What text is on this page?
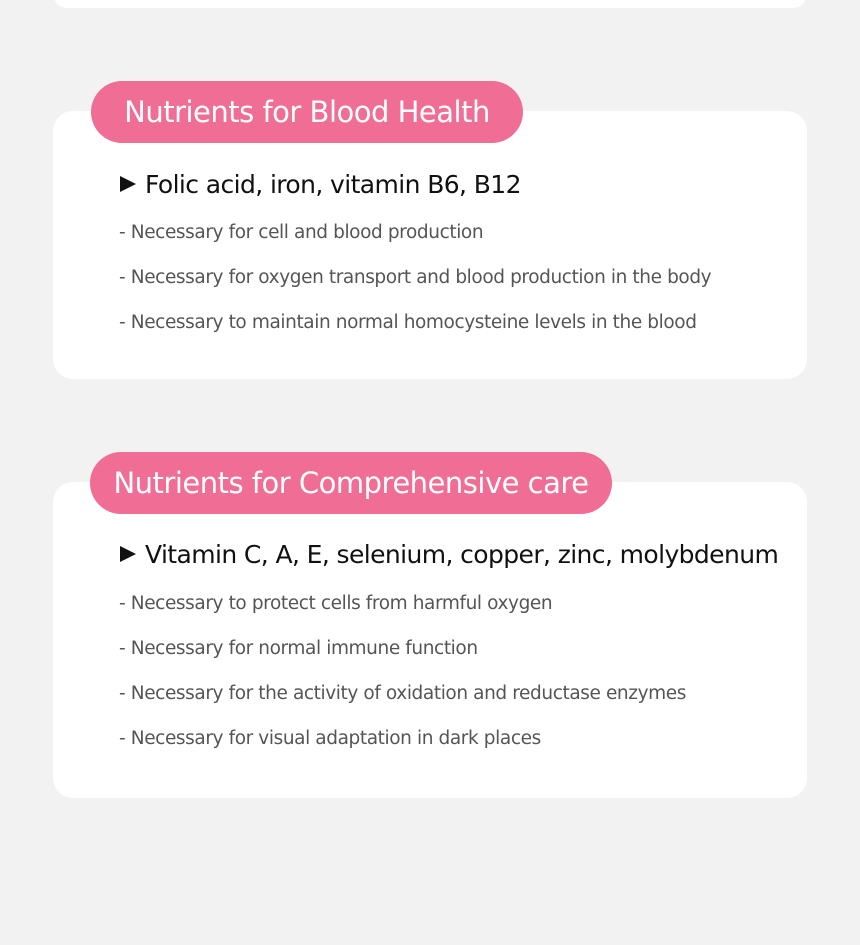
Nutrients for Blood Health
Folic acid, iron, vitamin B6, B12
- Necessary for cell and blood production
- Necessary for oxygen transport and blood production in the body
- Necessary to maintain normal homocysteine levels in the blood
Nutrients for Comprehensive care
Vitamin C, A, E, selenium, copper, zinc, molybdenum
- Necessary to protect cells from harmful oxygen
- Necessary for normal immune function
- Necessary for the activity of oxidation and reductase enzymes
- Necessary for visual adaptation in dark places
